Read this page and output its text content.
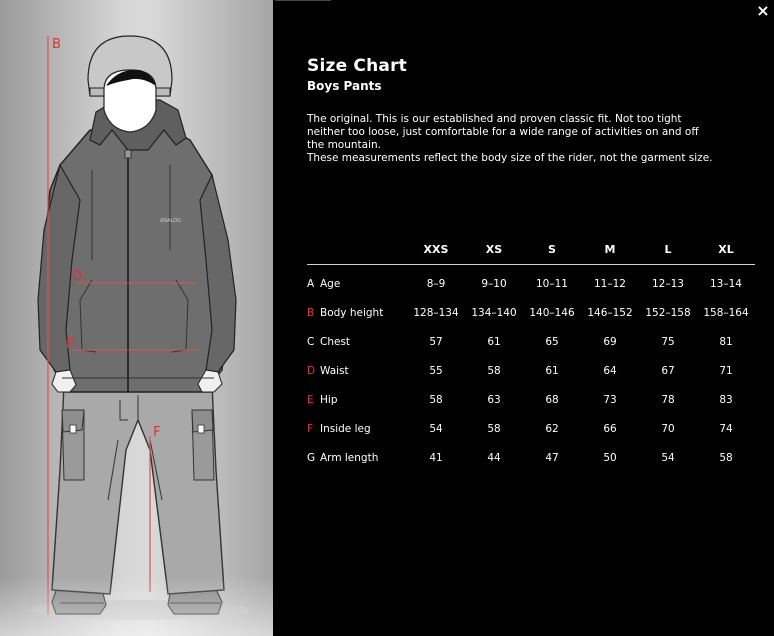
ANALOG
B
D
E
F
×
Size Chart
Boys Pants

The original. This is our established and proven classic fit. Not too tight neither too loose, just comfortable for a wide range of activities on and off the mountain.

These measurements reflect the body size of the rider, not the garment size.

	XXS	XS	S	M	L	XL
A Age	8–9	9–10	10–11	11–12	12–13	13–14
B Body height	128–134	134–140	140–146	146–152	152–158	158–164
C Chest	57	61	65	69	75	81
D Waist	55	58	61	64	67	71
E Hip	58	63	68	73	78	83
F Inside leg	54	58	62	66	70	74
G Arm length	41	44	47	50	54	58
